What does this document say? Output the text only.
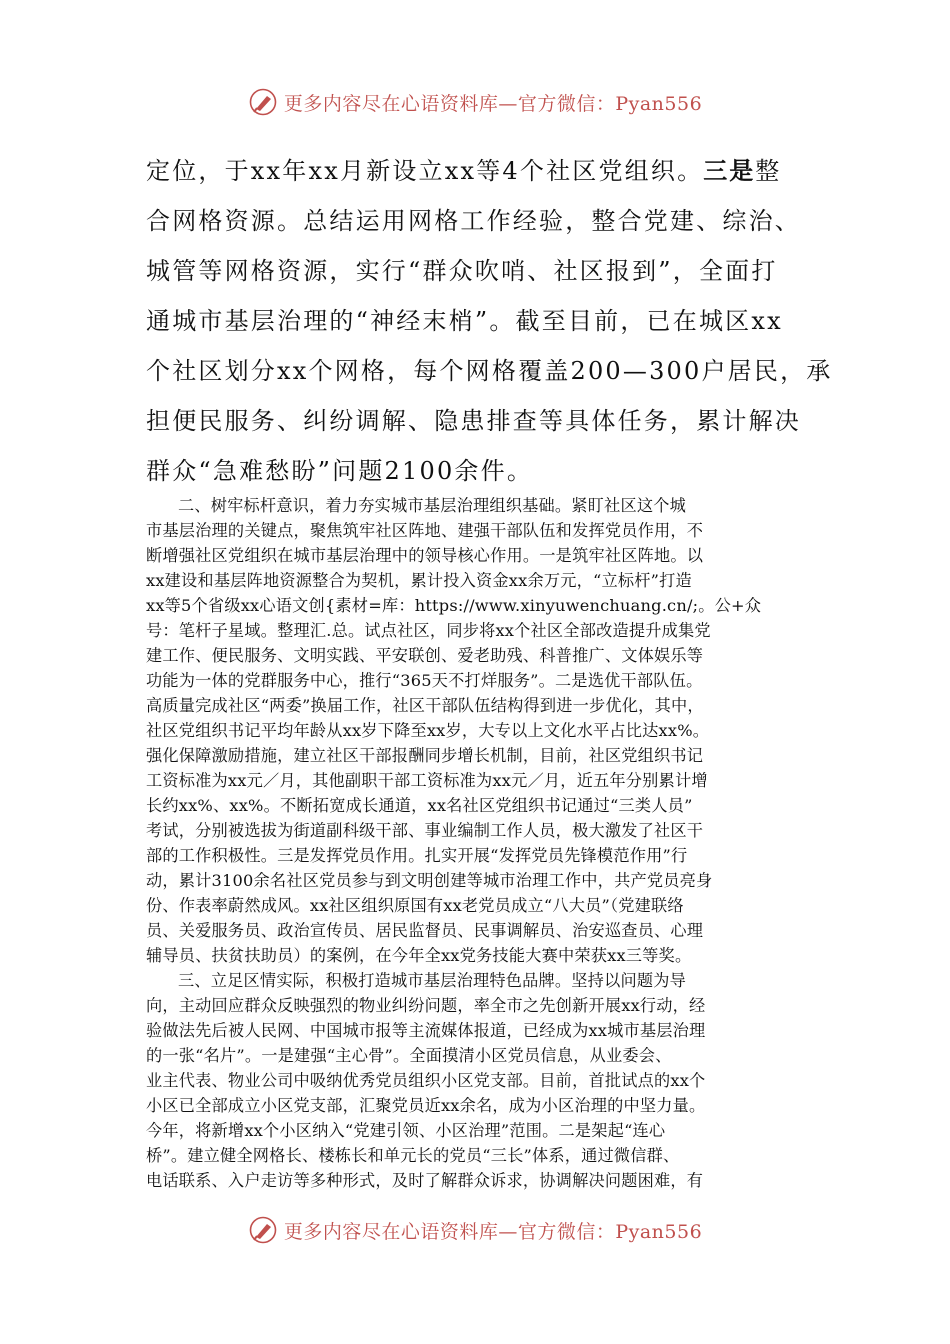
更多内容尽在心语资料库—官方微信：Pyan556
定位，于xx年xx月新设立xx等4个社区党组织。三是整
合网格资源。总结运用网格工作经验，整合党建、综治、
城管等网格资源，实行“群众吹哨、社区报到”，全面打
通城市基层治理的“神经末梢”。截至目前，已在城区xx
个社区划分xx个网格，每个网格覆盖200—300户居民，承
担便民服务、纠纷调解、隐患排查等具体任务，累计解决
群众“急难愁盼”问题2100余件。
二、树牢标杆意识，着力夯实城市基层治理组织基础。紧盯社区这个城
市基层治理的关键点，聚焦筑牢社区阵地、建强干部队伍和发挥党员作用，不
断增强社区党组织在城市基层治理中的领导核心作用。一是筑牢社区阵地。以
xx建设和基层阵地资源整合为契机，累计投入资金xx余万元，“立标杆”打造
xx等5个省级xx心语文创{素材=库：https://www.xinyuwenchuang.cn/;。公+众
号：笔杆子星域。整理汇.总。试点社区，同步将xx个社区全部改造提升成集党
建工作、便民服务、文明实践、平安联创、爱老助残、科普推广、文体娱乐等
功能为一体的党群服务中心，推行“365天不打烊服务”。二是选优干部队伍。
高质量完成社区“两委”换届工作，社区干部队伍结构得到进一步优化，其中，
社区党组织书记平均年龄从xx岁下降至xx岁，大专以上文化水平占比达xx%。
强化保障激励措施，建立社区干部报酬同步增长机制，目前，社区党组织书记
工资标准为xx元／月，其他副职干部工资标准为xx元／月，近五年分别累计增
长约xx%、xx%。不断拓宽成长通道，xx名社区党组织书记通过“三类人员”
考试，分别被选拔为街道副科级干部、事业编制工作人员，极大激发了社区干
部的工作积极性。三是发挥党员作用。扎实开展“发挥党员先锋模范作用”行
动，累计3100余名社区党员参与到文明创建等城市治理工作中，共产党员亮身
份、作表率蔚然成风。xx社区组织原国有xx老党员成立“八大员”（党建联络
员、关爱服务员、政治宣传员、居民监督员、民事调解员、治安巡查员、心理
辅导员、扶贫扶助员）的案例，在今年全xx党务技能大赛中荣获xx三等奖。
三、立足区情实际，积极打造城市基层治理特色品牌。坚持以问题为导
向，主动回应群众反映强烈的物业纠纷问题，率全市之先创新开展xx行动，经
验做法先后被人民网、中国城市报等主流媒体报道，已经成为xx城市基层治理
的一张“名片”。一是建强“主心骨”。全面摸清小区党员信息，从业委会、
业主代表、物业公司中吸纳优秀党员组织小区党支部。目前，首批试点的xx个
小区已全部成立小区党支部，汇聚党员近xx余名，成为小区治理的中坚力量。
今年，将新增xx个小区纳入“党建引领、小区治理”范围。二是架起“连心
桥”。建立健全网格长、楼栋长和单元长的党员“三长”体系，通过微信群、
电话联系、入户走访等多种形式，及时了解群众诉求，协调解决问题困难，有
更多内容尽在心语资料库—官方微信：Pyan556
